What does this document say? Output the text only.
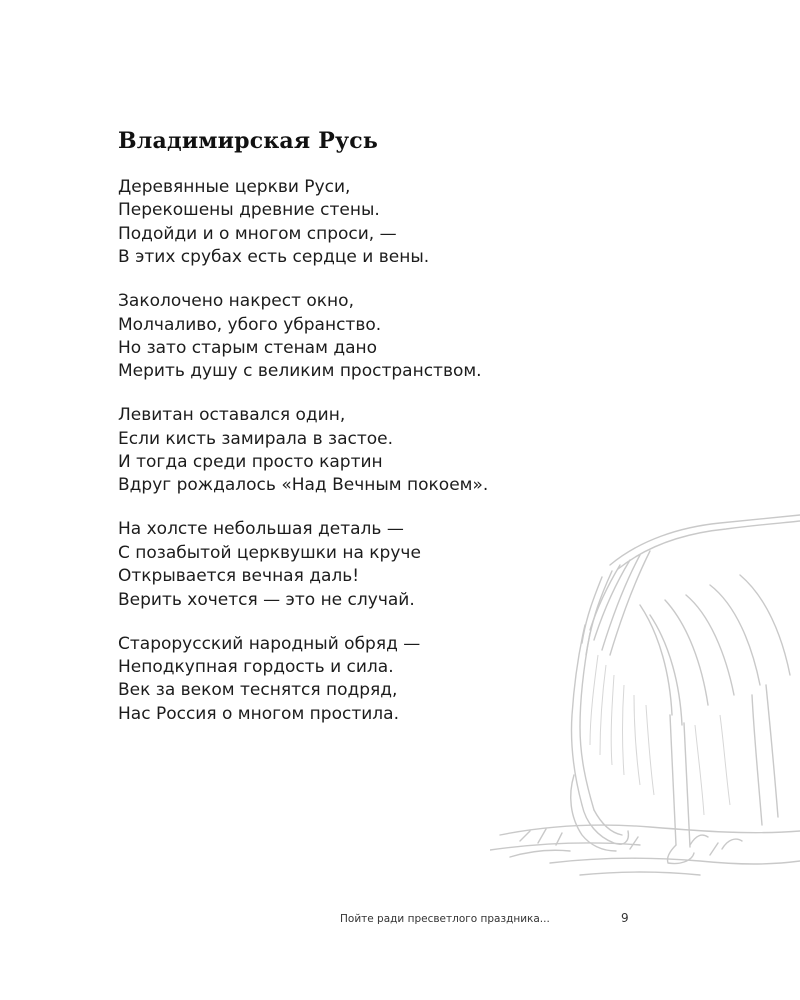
Владимирская Русь
Деревянные церкви Руси,
Перекошены древние стены.
Подойди и о многом спроси, —
В этих срубах есть сердце и вены.
Заколочено накрест окно,
Молчаливо, убого убранство.
Но зато старым стенам дано
Мерить душу с великим пространством.
Левитан оставался один,
Если кисть замирала в застое.
И тогда среди просто картин
Вдруг рождалось «Над Вечным покоем».
На холсте небольшая деталь —
С позабытой церквушки на круче
Открывается вечная даль!
Верить хочется — это не случай.
Старорусский народный обряд —
Неподкупная гордость и сила.
Век за веком теснятся подряд,
Нас Россия о многом простила.
Пойте ради пресветлого праздника...	9
